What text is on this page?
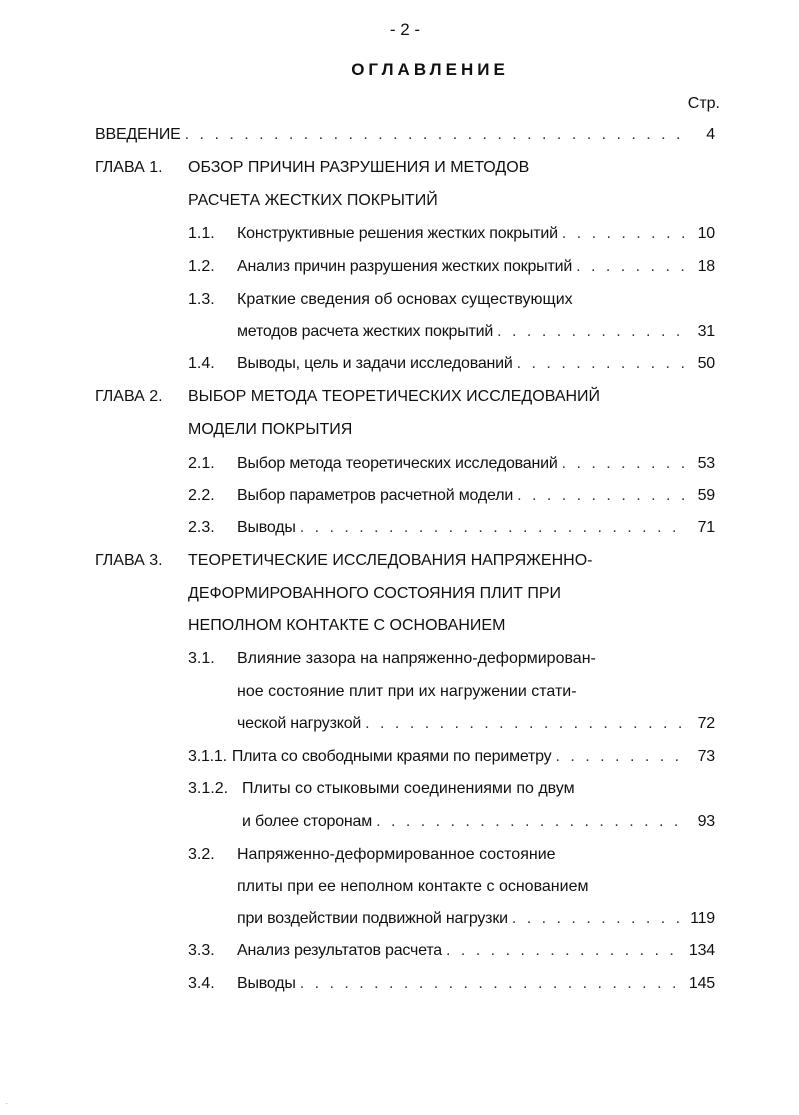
- 2 -
ОГЛАВЛЕНИЕ
Стр.
ВВЕДЕНИЕ . . .	4
ГЛАВА 1. ОБЗОР ПРИЧИН РАЗРУШЕНИЯ И МЕТОДОВ
РАСЧЕТА ЖЕСТКИХ ПОКРЫТИЙ
1.1. Конструктивные решения жестких покрытий . . .	10
1.2. Анализ причин разрушения жестких покрытий . . .	18
1.3. Краткие сведения об основах существующих
методов расчета жестких покрытий . . .	31
1.4. Выводы, цель и задачи исследований . . .	50
ГЛАВА 2. ВЫБОР МЕТОДА ТЕОРЕТИЧЕСКИХ ИССЛЕДОВАНИЙ
МОДЕЛИ ПОКРЫТИЯ
2.1. Выбор метода теоретических исследований . . .	53
2.2. Выбор параметров расчетной модели . . .	59
2.3. Выводы . . .	71
ГЛАВА 3. ТЕОРЕТИЧЕСКИЕ ИССЛЕДОВАНИЯ НАПРЯЖЕННО-
ДЕФОРМИРОВАННОГО СОСТОЯНИЯ ПЛИТ ПРИ
НЕПОЛНОМ КОНТАКТЕ С ОСНОВАНИЕМ
3.1. Влияние зазора на напряженно-деформирован-
ное состояние плит при их нагружении стати-
ческой нагрузкой . . .	72
3.1.1. Плита со свободными краями по периметру . . .	73
3.1.2. Плиты со стыковыми соединениями по двум
и более сторонам . . .	93
3.2. Напряженно-деформированное состояние
плиты при ее неполном контакте с основанием
при воздействии подвижной нагрузки . . .	119
3.3. Анализ результатов расчета . . .	134
3.4. Выводы . . .	145
.
